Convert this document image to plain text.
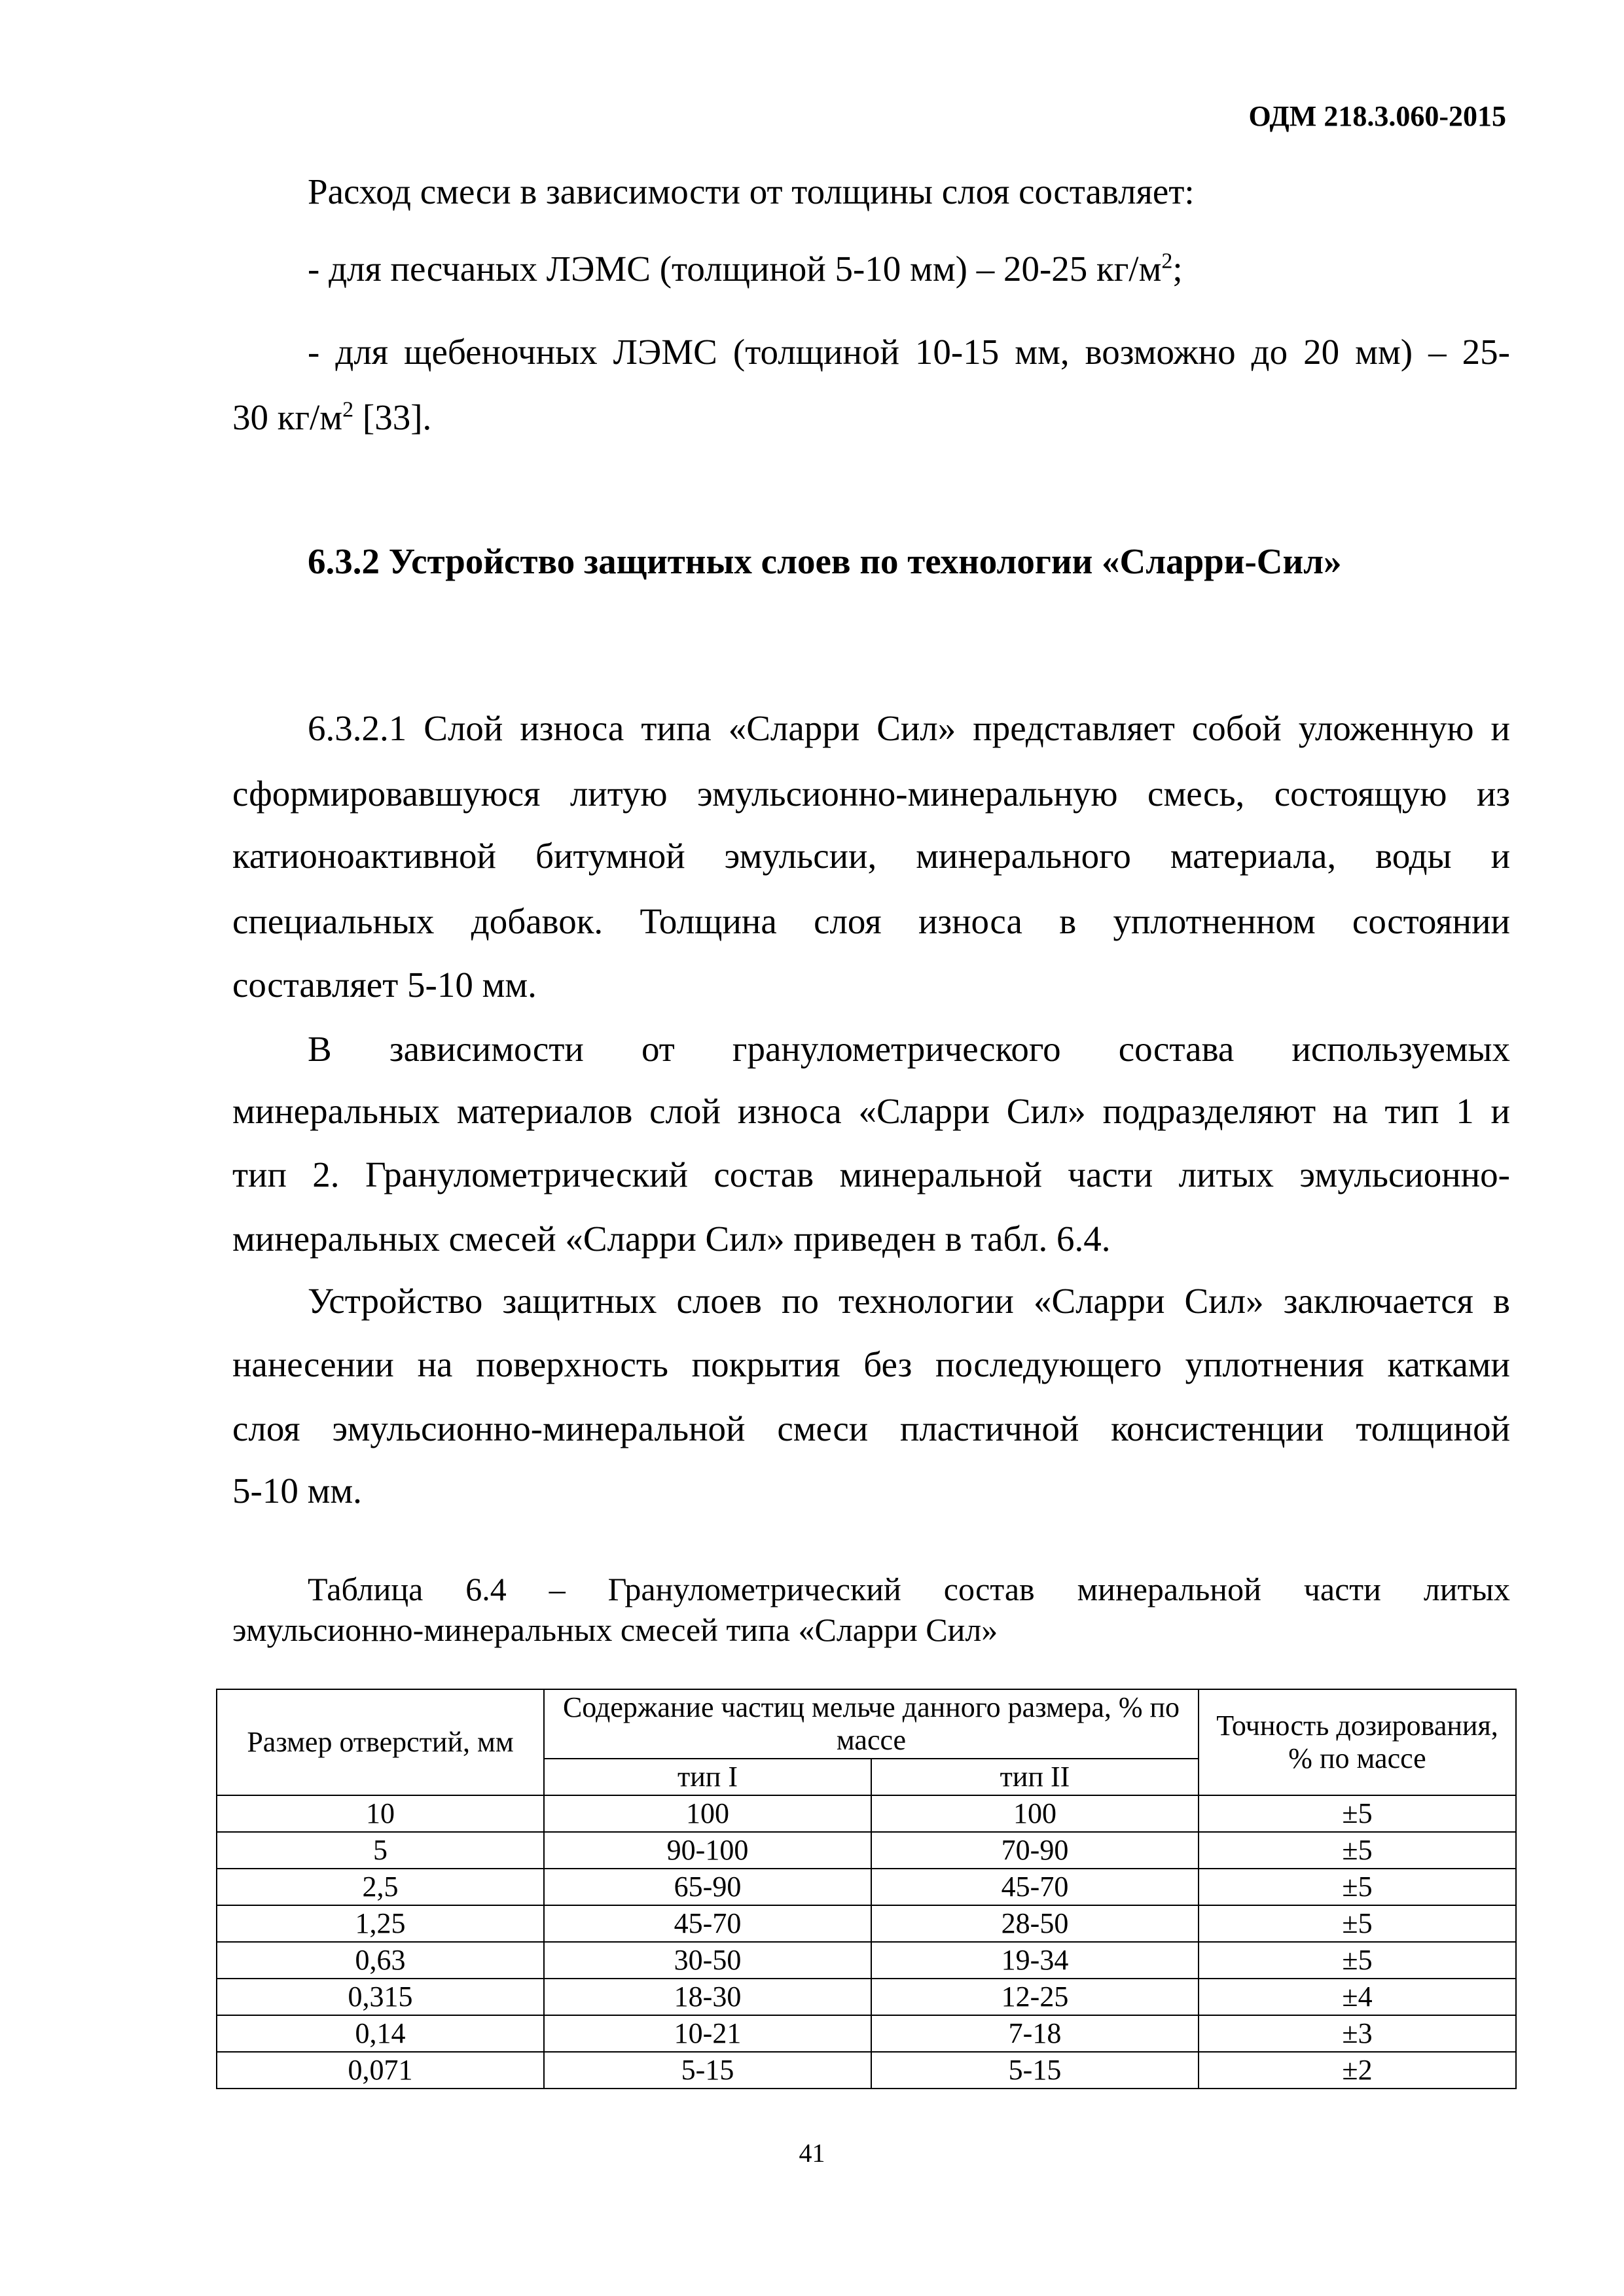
ОДМ 218.3.060-2015
Расход смеси в зависимости от толщины слоя составляет:
- для песчаных ЛЭМС (толщиной 5-10 мм) – 20-25 $кг/м^2$;
- для щебеночных ЛЭМС (толщиной 10-15 мм, возможно до 20 мм) – 25-
30 $кг/м^2$ [33].
6.3.2 Устройство защитных слоев по технологии «Сларри-Сил»
6.3.2.1 Слой износа типа «Сларри Сил» представляет собой уложенную и
сформировавшуюся литую эмульсионно-минеральную смесь, состоящую из
катионоактивной битумной эмульсии, минерального материала, воды и
специальных добавок. Толщина слоя износа в уплотненном состоянии
составляет 5-10 мм.
В зависимости от гранулометрического состава используемых
минеральных материалов слой износа «Сларри Сил» подразделяют на тип 1 и
тип 2. Гранулометрический состав минеральной части литых эмульсионно-
минеральных смесей «Сларри Сил» приведен в табл. 6.4.
Устройство защитных слоев по технологии «Сларри Сил» заключается в
нанесении на поверхность покрытия без последующего уплотнения катками
слоя эмульсионно-минеральной смеси пластичной консистенции толщиной
5-10 мм.
Таблица 6.4 – Гранулометрический состав минеральной части литых
эмульсионно-минеральных смесей типа «Сларри Сил»
Размер отверстий, мм	Содержание частиц мельче данного размера, % по массе		Точность дозирования, % по массе
	тип I	тип II	
10	100	100	±5
5	90-100	70-90	±5
2,5	65-90	45-70	±5
1,25	45-70	28-50	±5
0,63	30-50	19-34	±5
0,315	18-30	12-25	±4
0,14	10-21	7-18	±3
0,071	5-15	5-15	±2
41
